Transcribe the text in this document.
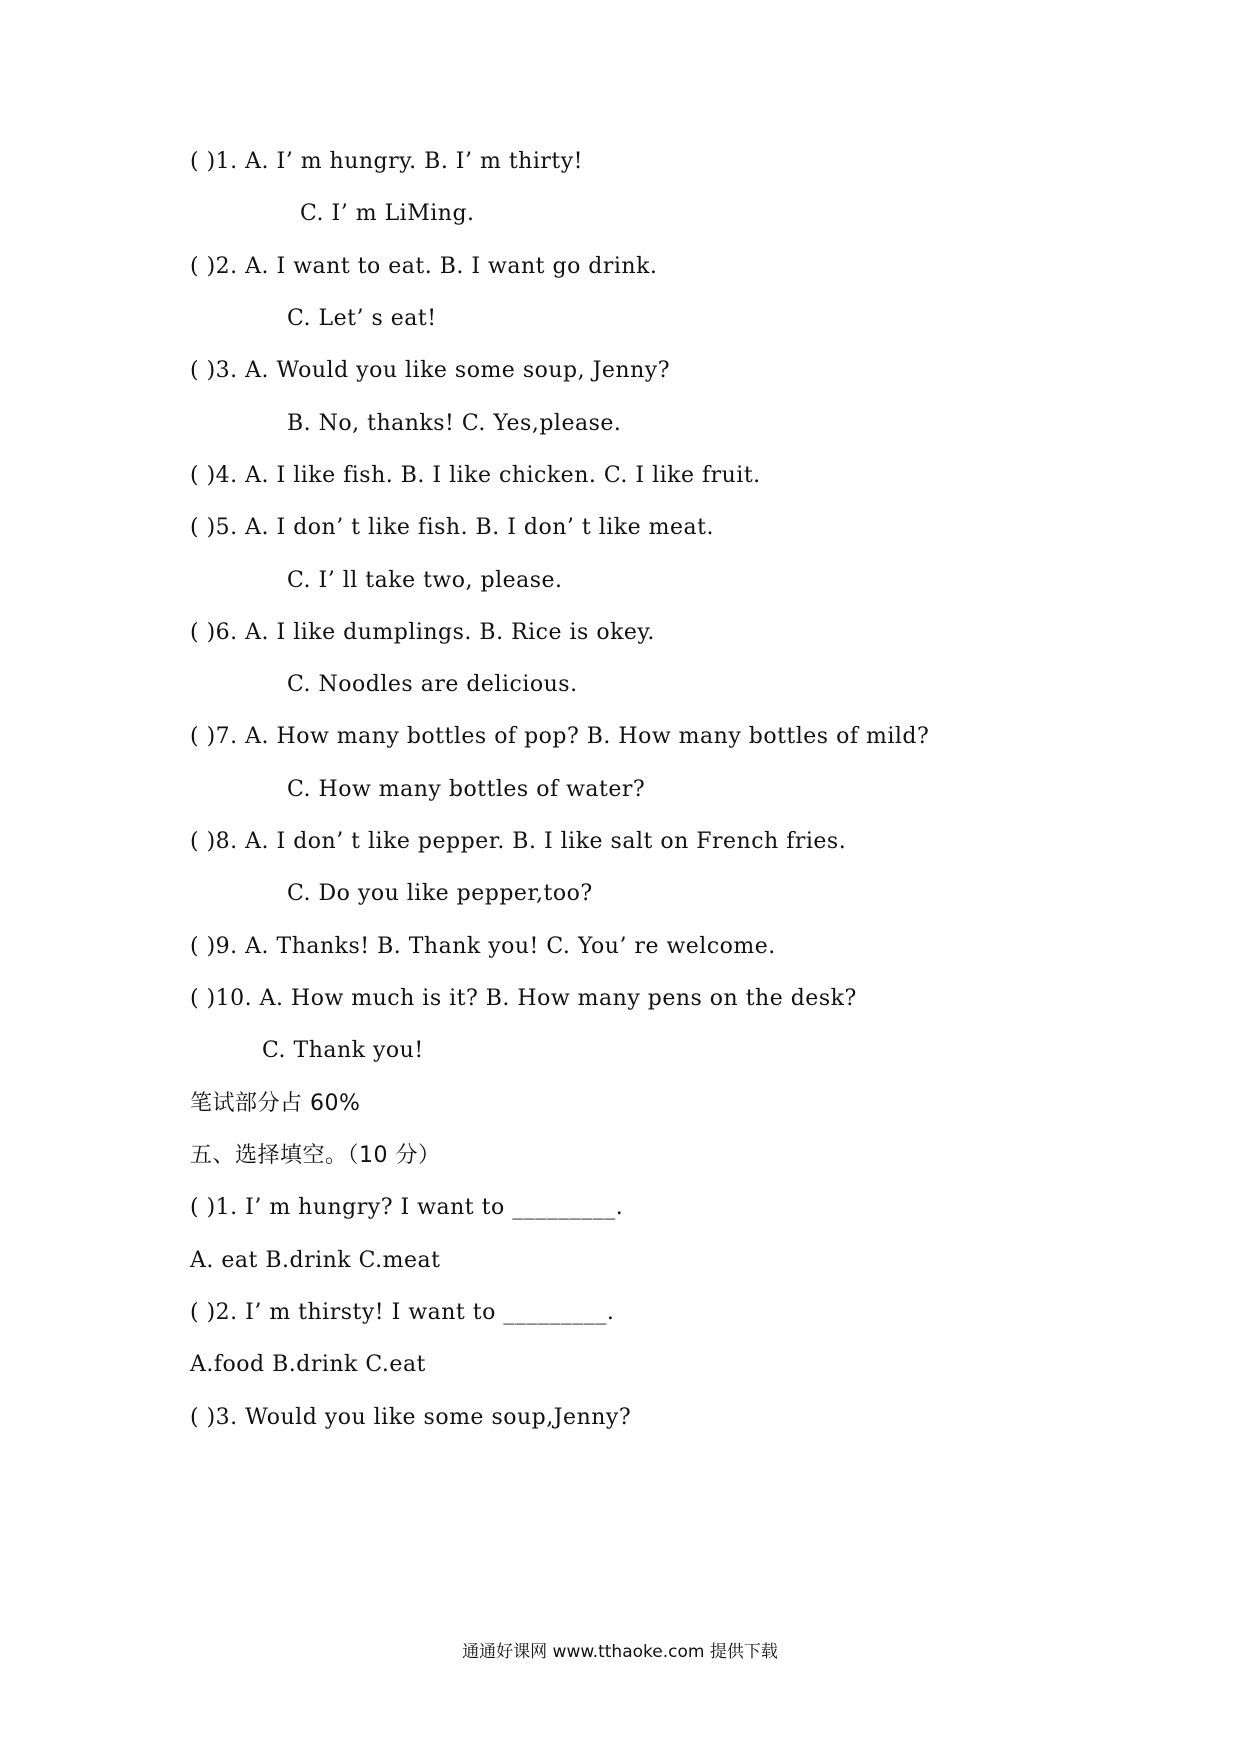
( )1. A. I’ m hungry. B. I’ m thirty!
C. I’ m LiMing.
( )2. A. I want to eat. B. I want go drink.
C. Let’ s eat!
( )3. A. Would you like some soup, Jenny?
B. No, thanks! C. Yes,please.
( )4. A. I like fish. B. I like chicken. C. I like fruit.
( )5. A. I don’ t like fish. B. I don’ t like meat.
C. I’ ll take two, please.
( )6. A. I like dumplings. B. Rice is okey.
C. Noodles are delicious.
( )7. A. How many bottles of pop? B. How many bottles of mild?
C. How many bottles of water?
( )8. A. I don’ t like pepper. B. I like salt on French fries.
C. Do you like pepper,too?
( )9. A. Thanks! B. Thank you! C. You’ re welcome.
( )10. A. How much is it? B. How many pens on the desk?
C. Thank you!
笔试部分占 60%
五、选择填空。（10 分）
( )1. I’ m hungry? I want to _________.
A. eat B.drink C.meat
( )2. I’ m thirsty! I want to _________.
A.food B.drink C.eat
( )3. Would you like some soup,Jenny?
通通好课网 www.tthaoke.com 提供下载
